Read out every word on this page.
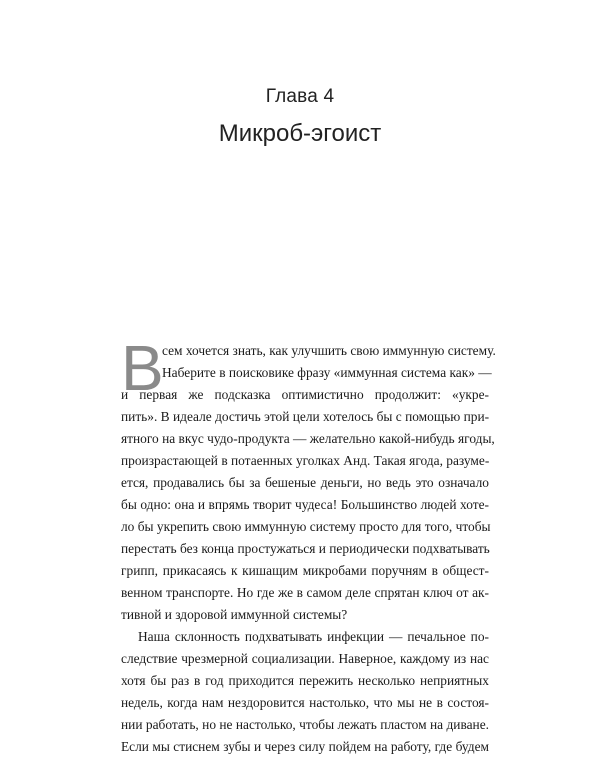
Глава 4
Микроб-эгоист
В
сем хочется знать, как улучшить свою иммунную систему.
Наберите в поисковике фразу «иммунная система как» —
и первая же подсказка оптимистично продолжит: «укре-
пить». В идеале достичь этой цели хотелось бы с помощью при-
ятного на вкус чудо-продукта — желательно какой-нибудь ягоды,
произрастающей в потаенных уголках Анд. Такая ягода, разуме-
ется, продавались бы за бешеные деньги, но ведь это означало
бы одно: она и впрямь творит чудеса! Большинство людей хоте-
ло бы укрепить свою иммунную систему просто для того, чтобы
перестать без конца простужаться и периодически подхватывать
грипп, прикасаясь к кишащим микробами поручням в общест-
венном транспорте. Но где же в самом деле спрятан ключ от ак-
тивной и здоровой иммунной системы?
Наша склонность подхватывать инфекции — печальное по-
следствие чрезмерной социализации. Наверное, каждому из нас
хотя бы раз в год приходится пережить несколько неприятных
недель, когда нам нездоровится настолько, что мы не в состоя-
нии работать, но не настолько, чтобы лежать пластом на диване.
Если мы стиснем зубы и через силу пойдем на работу, где будем
